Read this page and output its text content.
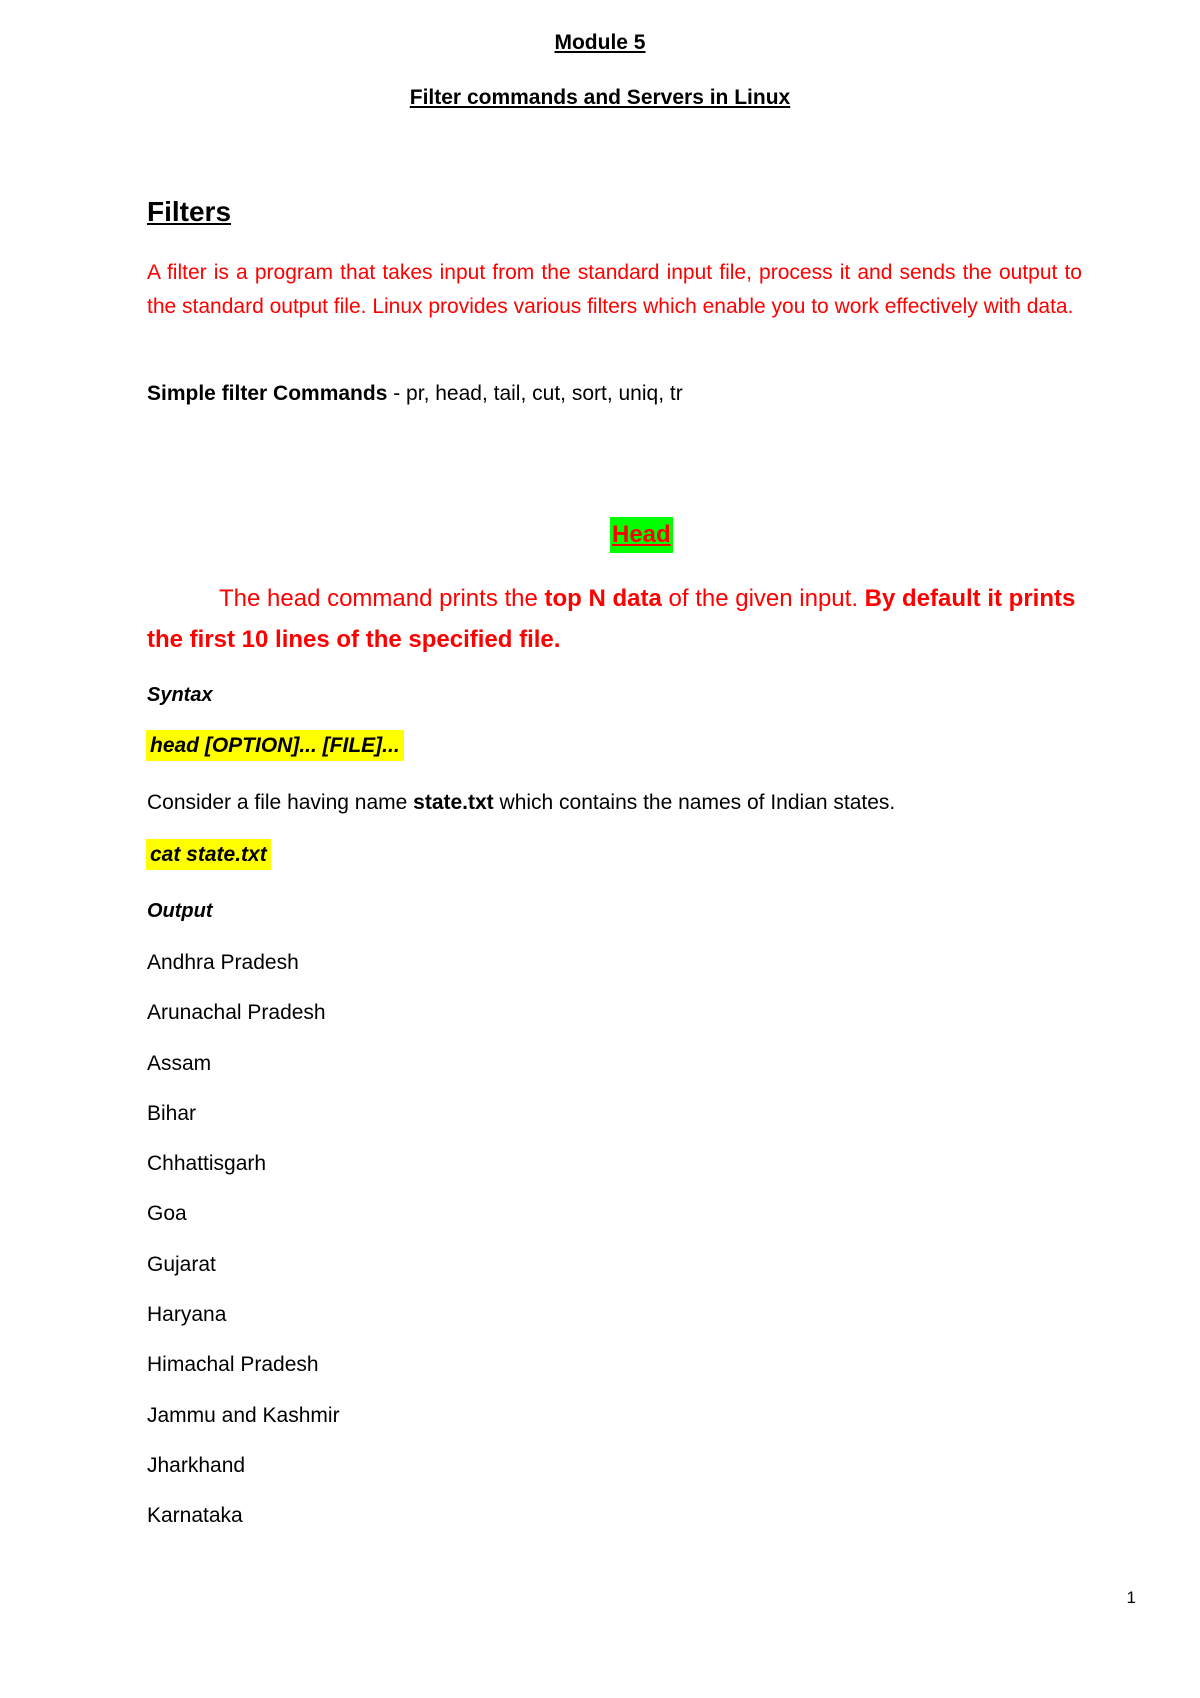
Module 5
Filter commands and Servers in Linux
Filters
A filter is a program that takes input from the standard input file, process it and sends the output to the standard output file. Linux provides various filters which enable you to work effectively with data.
Simple filter Commands - pr, head, tail, cut, sort, uniq, tr
Head
The head command prints the top N data of the given input. By default it prints the first 10 lines of the specified file.
Syntax
head [OPTION]... [FILE]...
Consider a file having name state.txt which contains the names of Indian states.
cat state.txt
Output
Andhra Pradesh
Arunachal Pradesh
Assam
Bihar
Chhattisgarh
Goa
Gujarat
Haryana
Himachal Pradesh
Jammu and Kashmir
Jharkhand
Karnataka
1
